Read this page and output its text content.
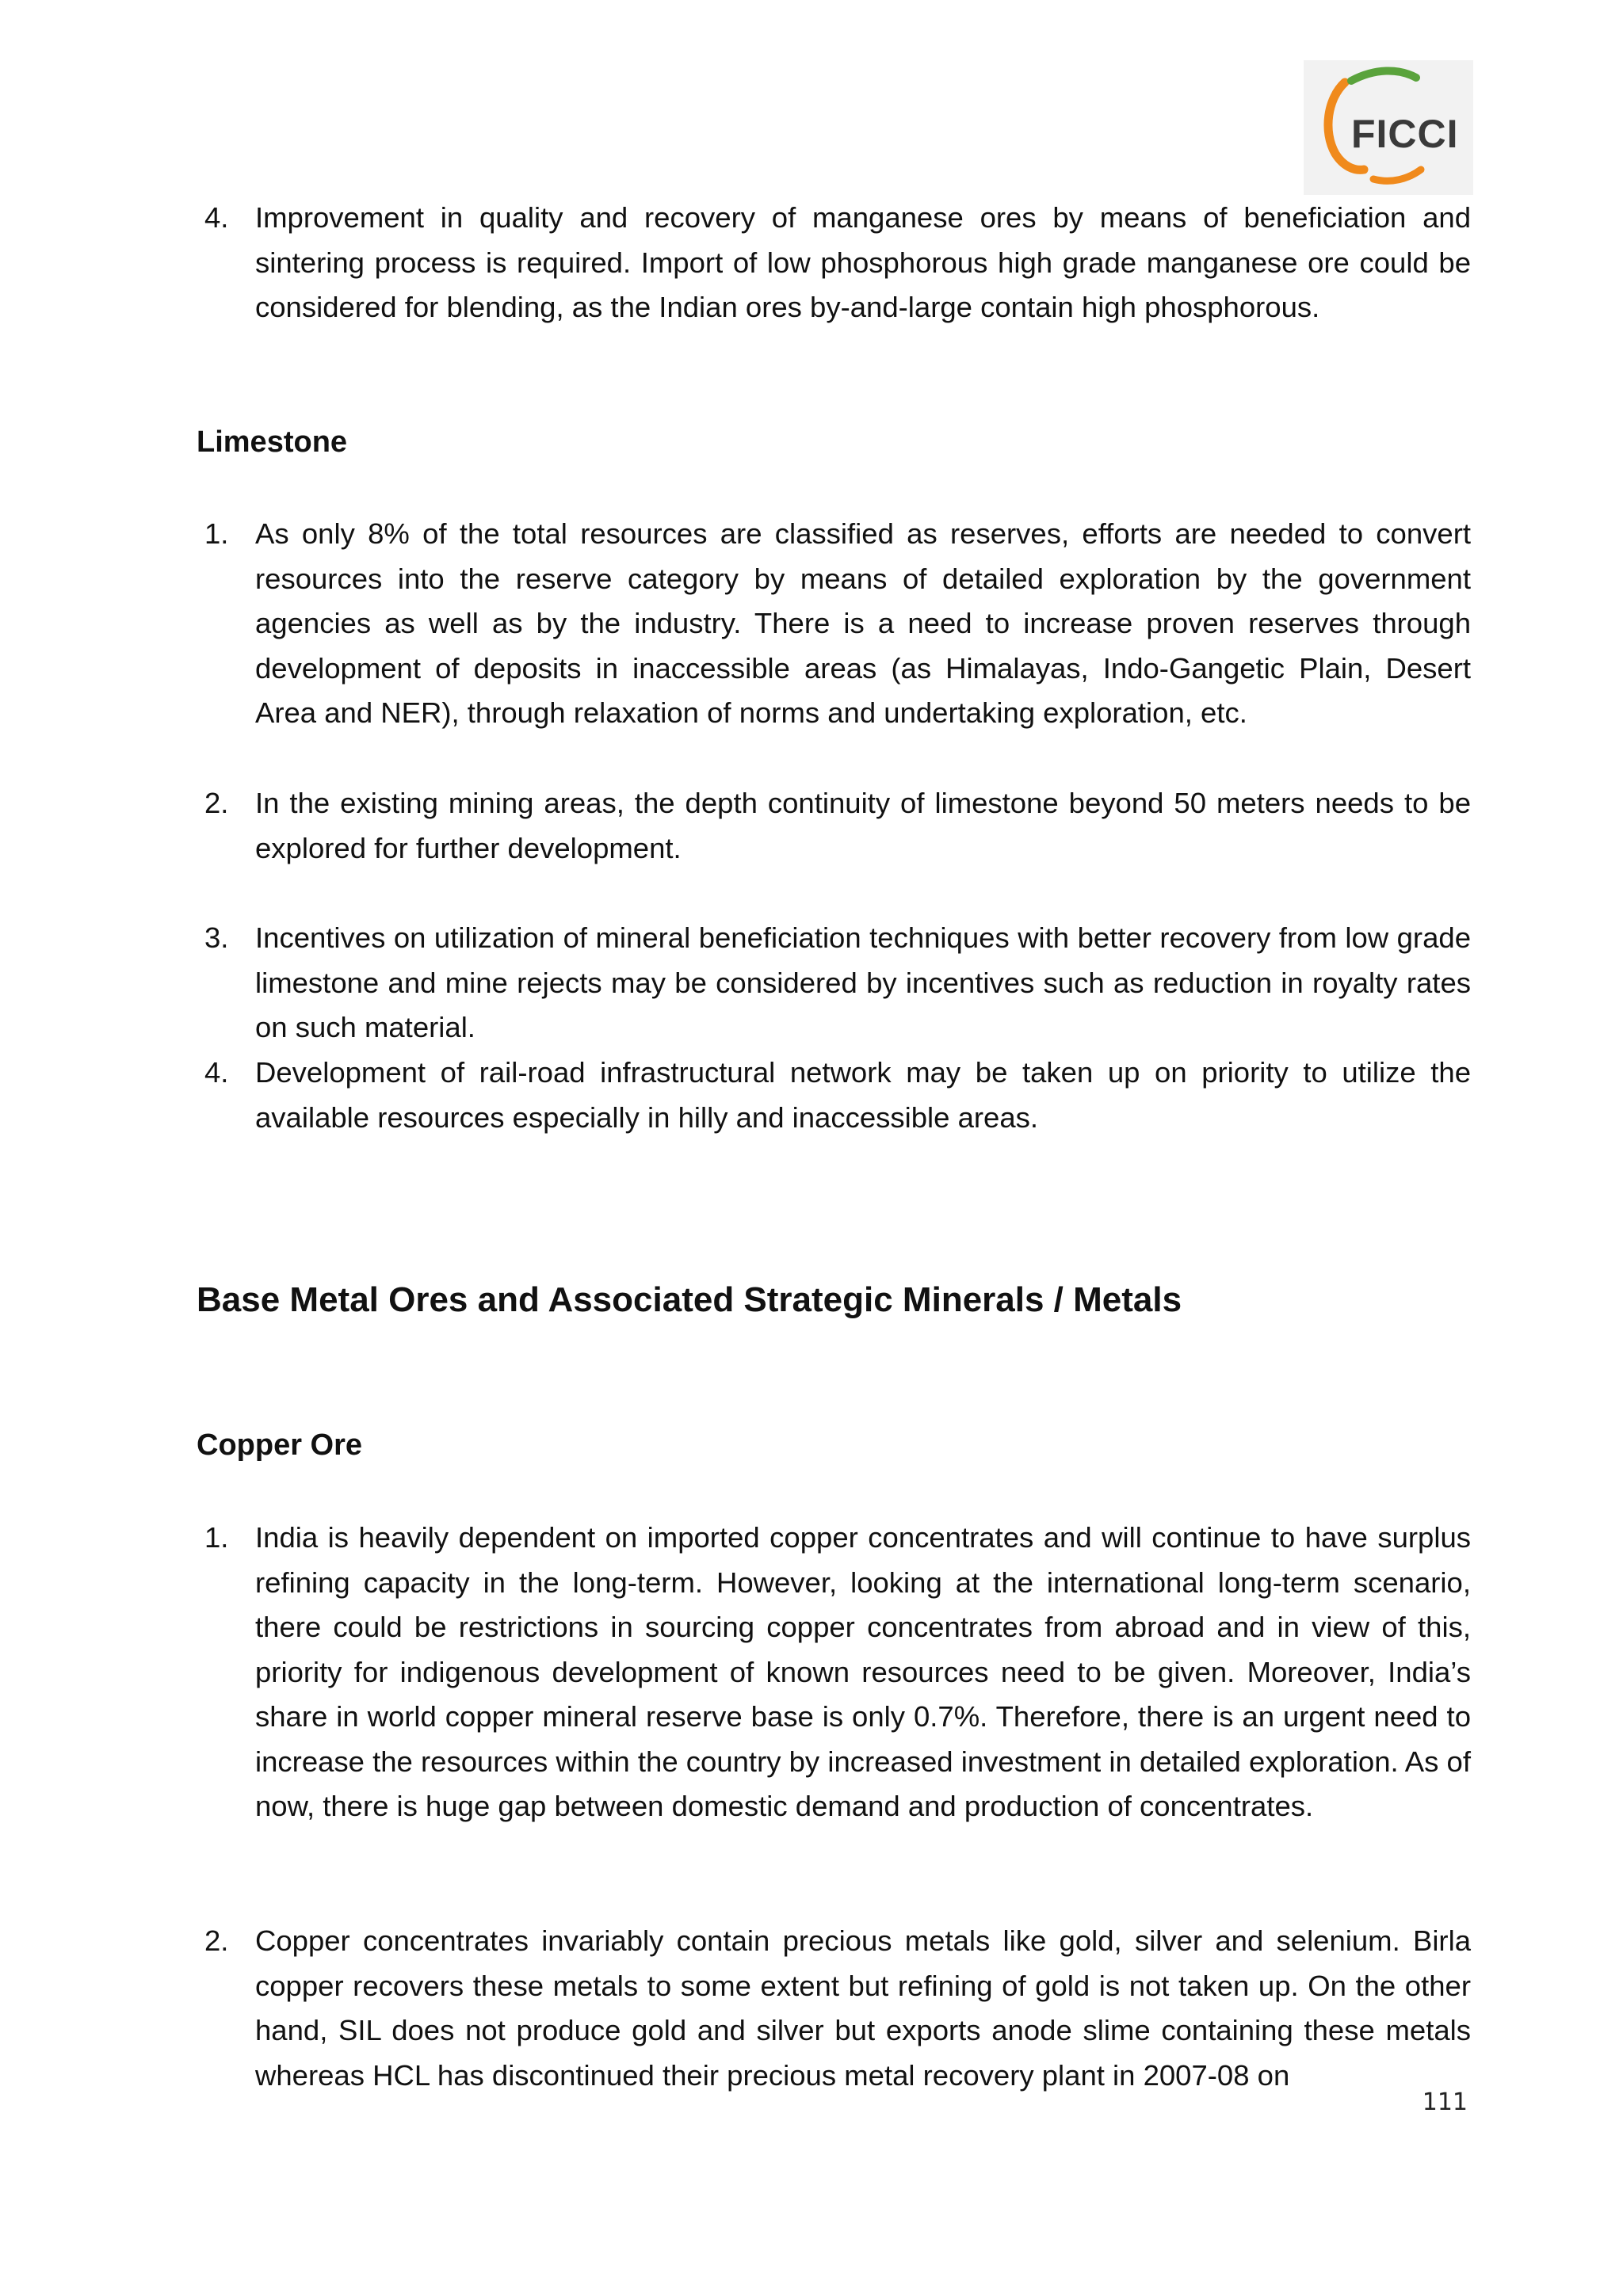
FICCI
4. Improvement in quality and recovery of manganese ores by means of beneficiation and sintering process is required. Import of low phosphorous high grade manganese ore could be considered for blending, as the Indian ores by-and-large contain high phosphorous.
Limestone
1. As only 8% of the total resources are classified as reserves, efforts are needed to convert resources into the reserve category by means of detailed exploration by the government agencies as well as by the industry. There is a need to increase proven reserves through development of deposits in inaccessible areas (as Himalayas, Indo-Gangetic Plain, Desert Area and NER), through relaxation of norms and undertaking exploration, etc.
2. In the existing mining areas, the depth continuity of limestone beyond 50 meters needs to be explored for further development.
3. Incentives on utilization of mineral beneficiation techniques with better recovery from low grade limestone and mine rejects may be considered by incentives such as reduction in royalty rates on such material.
4. Development of rail-road infrastructural network may be taken up on priority to utilize the available resources especially in hilly and inaccessible areas.
Base Metal Ores and Associated Strategic Minerals / Metals
Copper Ore
1. India is heavily dependent on imported copper concentrates and will continue to have surplus refining capacity in the long-term. However, looking at the international long-term scenario, there could be restrictions in sourcing copper concentrates from abroad and in view of this, priority for indigenous development of known resources need to be given. Moreover, India’s share in world copper mineral reserve base is only 0.7%. Therefore, there is an urgent need to increase the resources within the country by increased investment in detailed exploration. As of now, there is huge gap between domestic demand and production of concentrates.
2. Copper concentrates invariably contain precious metals like gold, silver and selenium. Birla copper recovers these metals to some extent but refining of gold is not taken up. On the other hand, SIL does not produce gold and silver but exports anode slime containing these metals whereas HCL has discontinued their precious metal recovery plant in 2007-08 on
111
